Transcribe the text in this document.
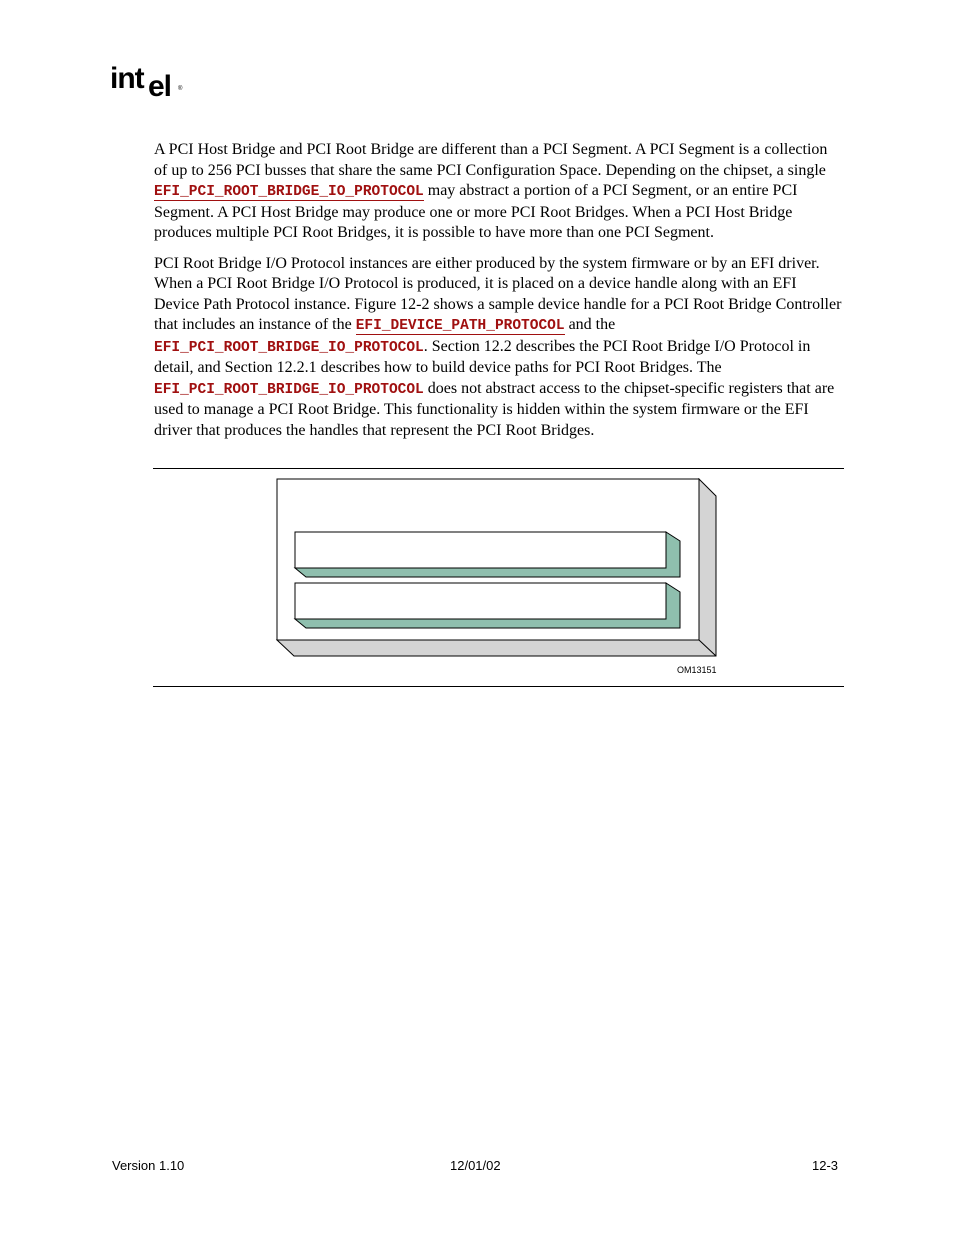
int el ®

A PCI Host Bridge and PCI Root Bridge are different than a PCI Segment. A PCI Segment is a collection of up to 256 PCI busses that share the same PCI Configuration Space. Depending on the chipset, a single EFI_PCI_ROOT_BRIDGE_IO_PROTOCOL may abstract a portion of a PCI Segment, or an entire PCI Segment. A PCI Host Bridge may produce one or more PCI Root Bridges. When a PCI Host Bridge produces multiple PCI Root Bridges, it is possible to have more than one PCI Segment.

PCI Root Bridge I/O Protocol instances are either produced by the system firmware or by an EFI driver. When a PCI Root Bridge I/O Protocol is produced, it is placed on a device handle along with an EFI Device Path Protocol instance. Figure 12-2 shows a sample device handle for a PCI Root Bridge Controller that includes an instance of the EFI_DEVICE_PATH_PROTOCOL and the EFI_PCI_ROOT_BRIDGE_IO_PROTOCOL. Section 12.2 describes the PCI Root Bridge I/O Protocol in detail, and Section 12.2.1 describes how to build device paths for PCI Root Bridges. The EFI_PCI_ROOT_BRIDGE_IO_PROTOCOL does not abstract access to the chipset-specific registers that are used to manage a PCI Root Bridge. This functionality is hidden within the system firmware or the EFI driver that produces the handles that represent the PCI Root Bridges.

OM13151
Version 1.10	12/01/02	12-3
